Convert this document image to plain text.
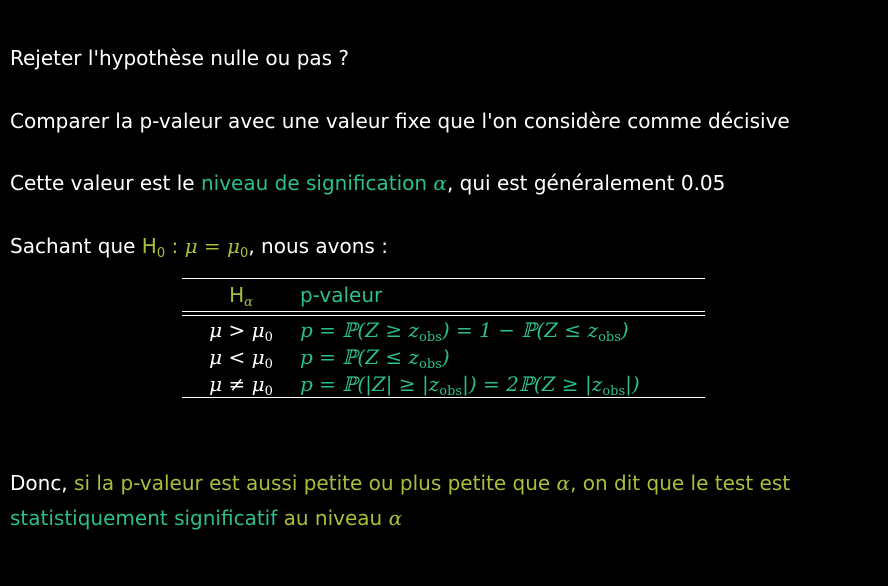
Rejeter l'hypothèse nulle ou pas ?
Comparer la p-valeur avec une valeur fixe que l'on considère comme décisive
Cette valeur est le niveau de signification α, qui est généralement 0.05
Sachant que $H_0$ : $\mu = \mu_0$, nous avons :
$H_\alpha$	p-valeur
$\mu > \mu_0$	p = ℙ(Z ≥ $z_{obs}) = 1$ − ℙ(Z ≤ $z_{obs}$)
$\mu < \mu_0$	p = ℙ(Z ≤ $z_{obs}$)
$\mu \ne \mu_0$	p = ℙ(|Z| ≥ $|z_{obs}|$) = 2ℙ(Z ≥ $|z_{obs}|$)
Donc, si la p-valeur est aussi petite ou plus petite que α, on dit que le test est
statistiquement significatif au niveau α
